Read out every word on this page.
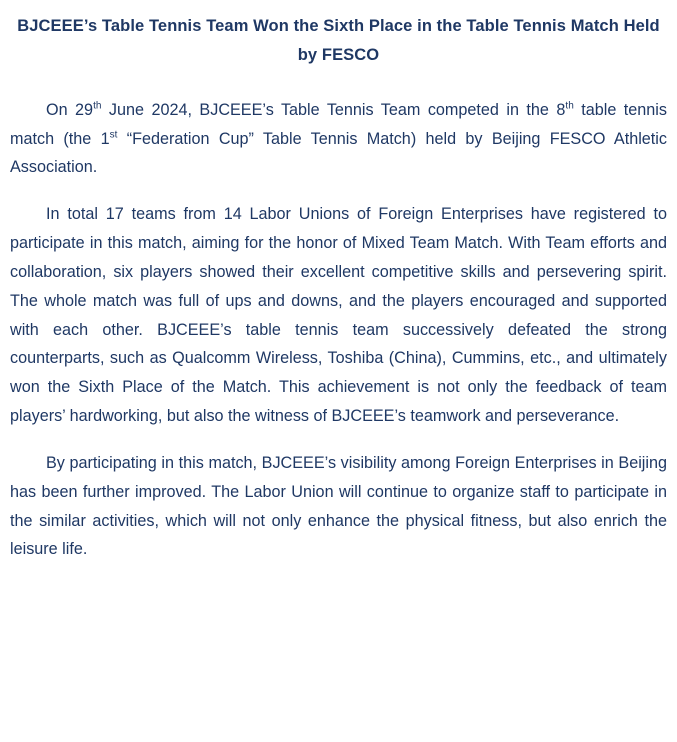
BJCEEE’s Table Tennis Team Won the Sixth Place in the Table Tennis Match Held by FESCO

On 29th June 2024, BJCEEE’s Table Tennis Team competed in the 8th table tennis match (the 1st “Federation Cup” Table Tennis Match) held by Beijing FESCO Athletic Association.

In total 17 teams from 14 Labor Unions of Foreign Enterprises have registered to participate in this match, aiming for the honor of Mixed Team Match. With Team efforts and collaboration, six players showed their excellent competitive skills and persevering spirit. The whole match was full of ups and downs, and the players encouraged and supported with each other. BJCEEE’s table tennis team successively defeated the strong counterparts, such as Qualcomm Wireless, Toshiba (China), Cummins, etc., and ultimately won the Sixth Place of the Match. This achievement is not only the feedback of team players’ hardworking, but also the witness of BJCEEE’s teamwork and perseverance.

By participating in this match, BJCEEE’s visibility among Foreign Enterprises in Beijing has been further improved. The Labor Union will continue to organize staff to participate in the similar activities, which will not only enhance the physical fitness, but also enrich the leisure life.
